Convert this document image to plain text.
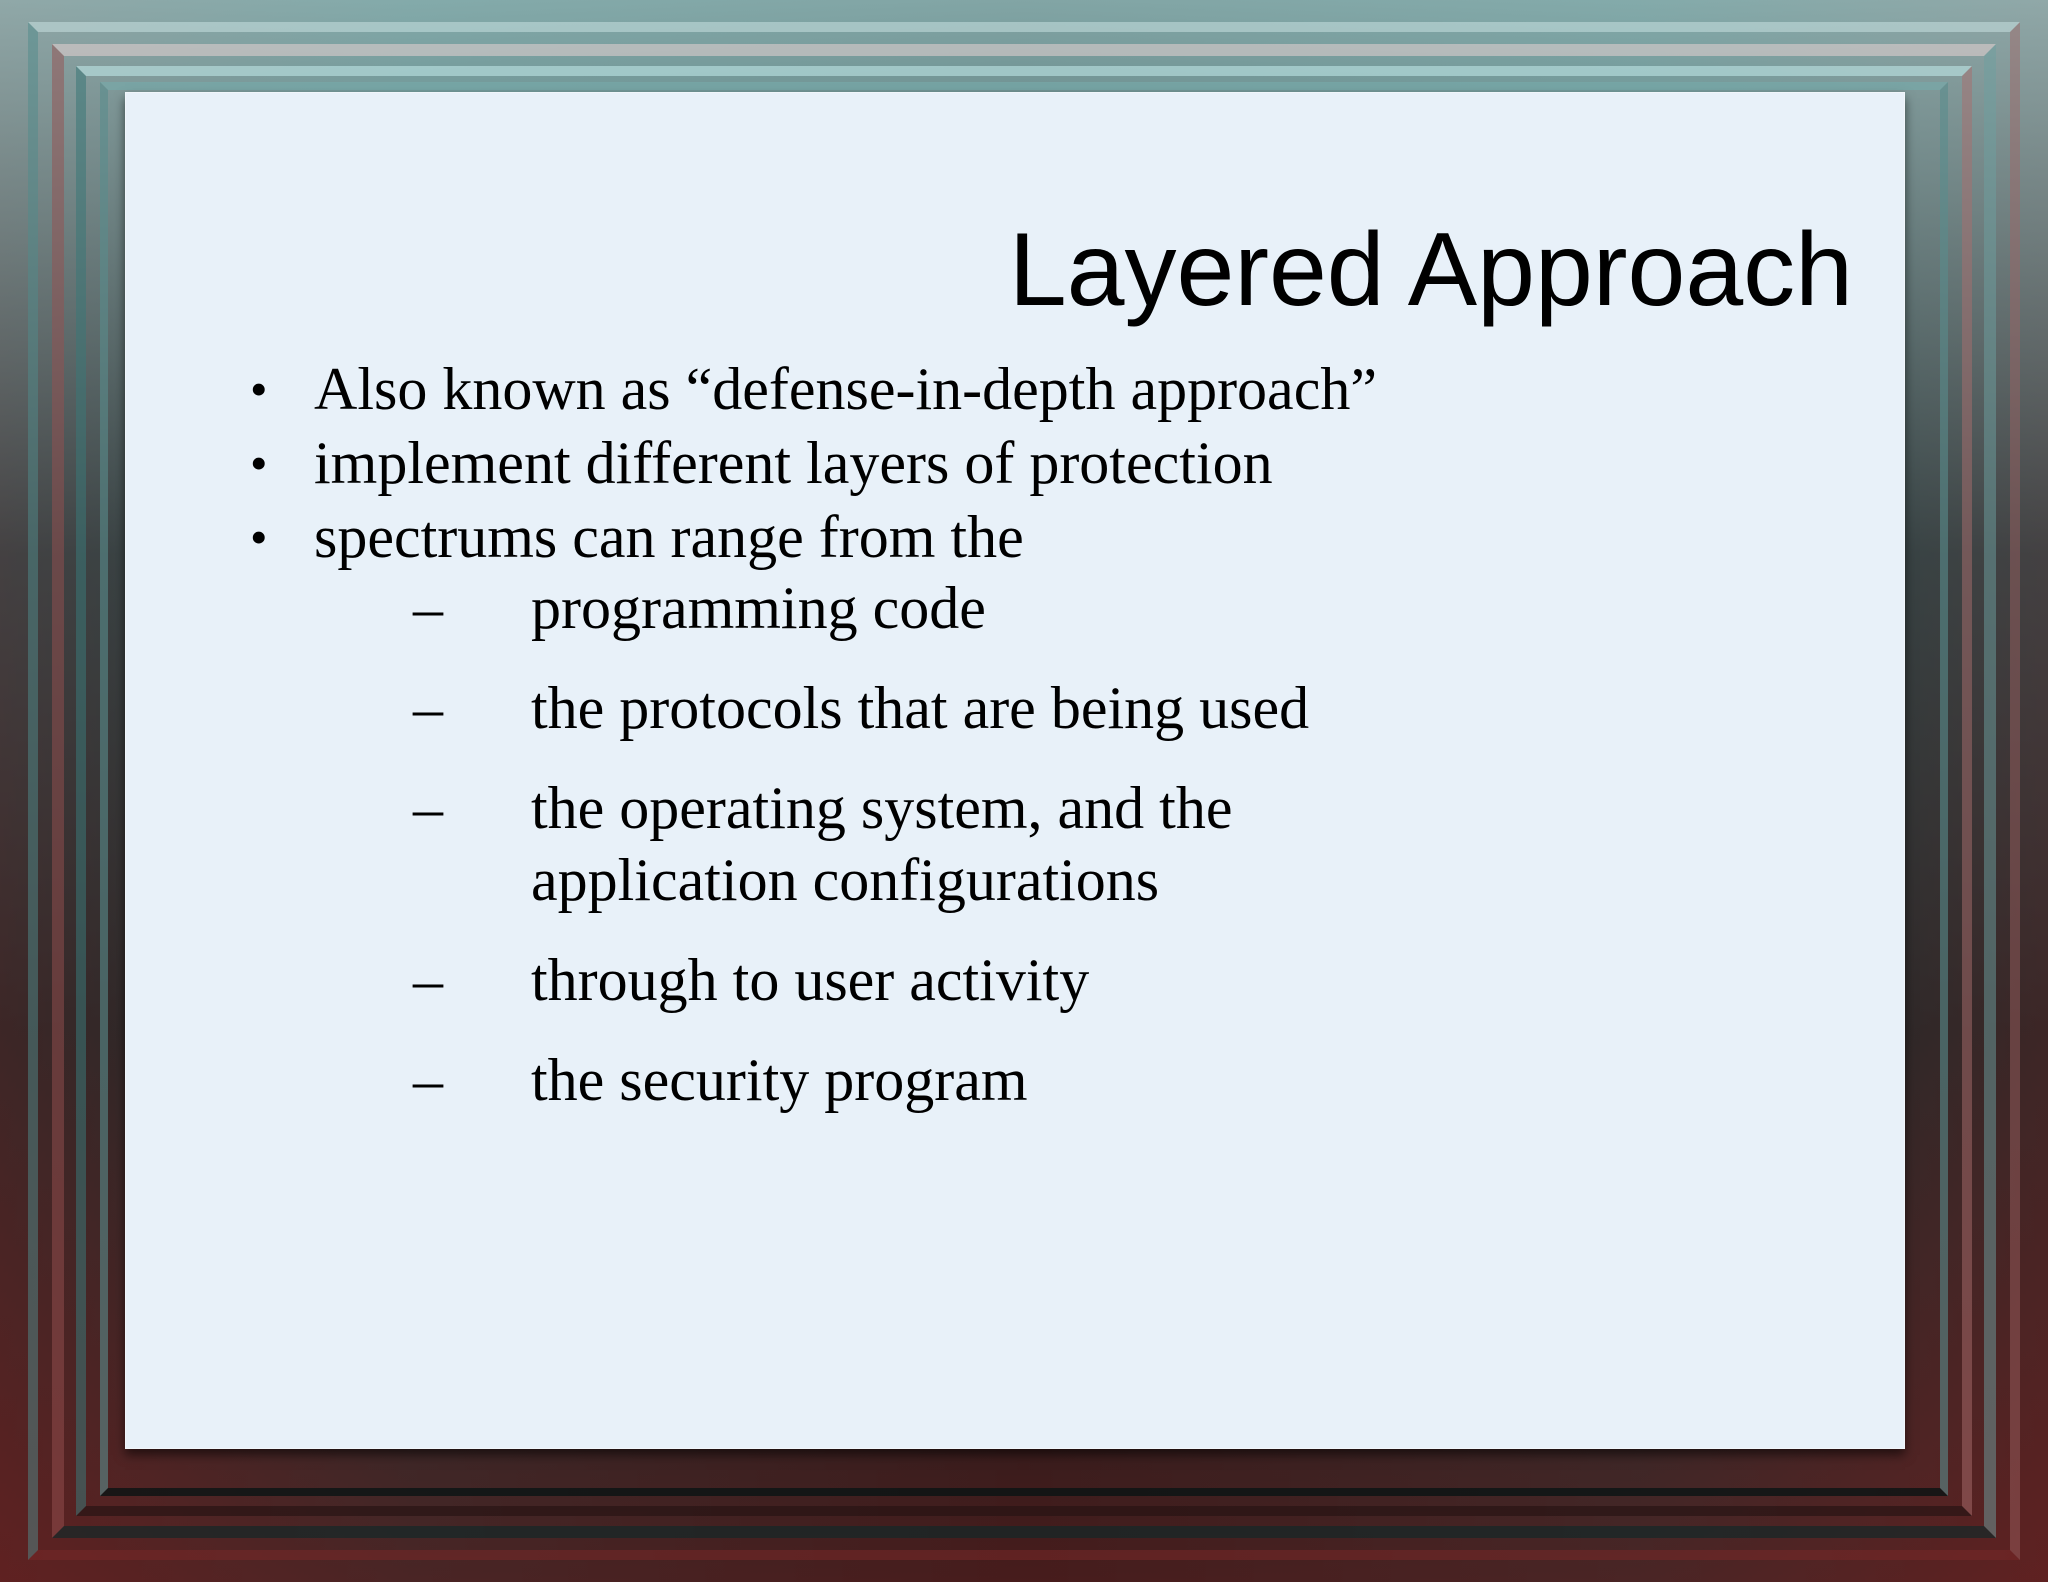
Layered Approach
• Also known as “defense-in-depth approach”
• implement different layers of protection
• spectrums can range from the
– programming code
– the protocols that are being used
– the operating system, and the application configurations
– through to user activity
– the security program
